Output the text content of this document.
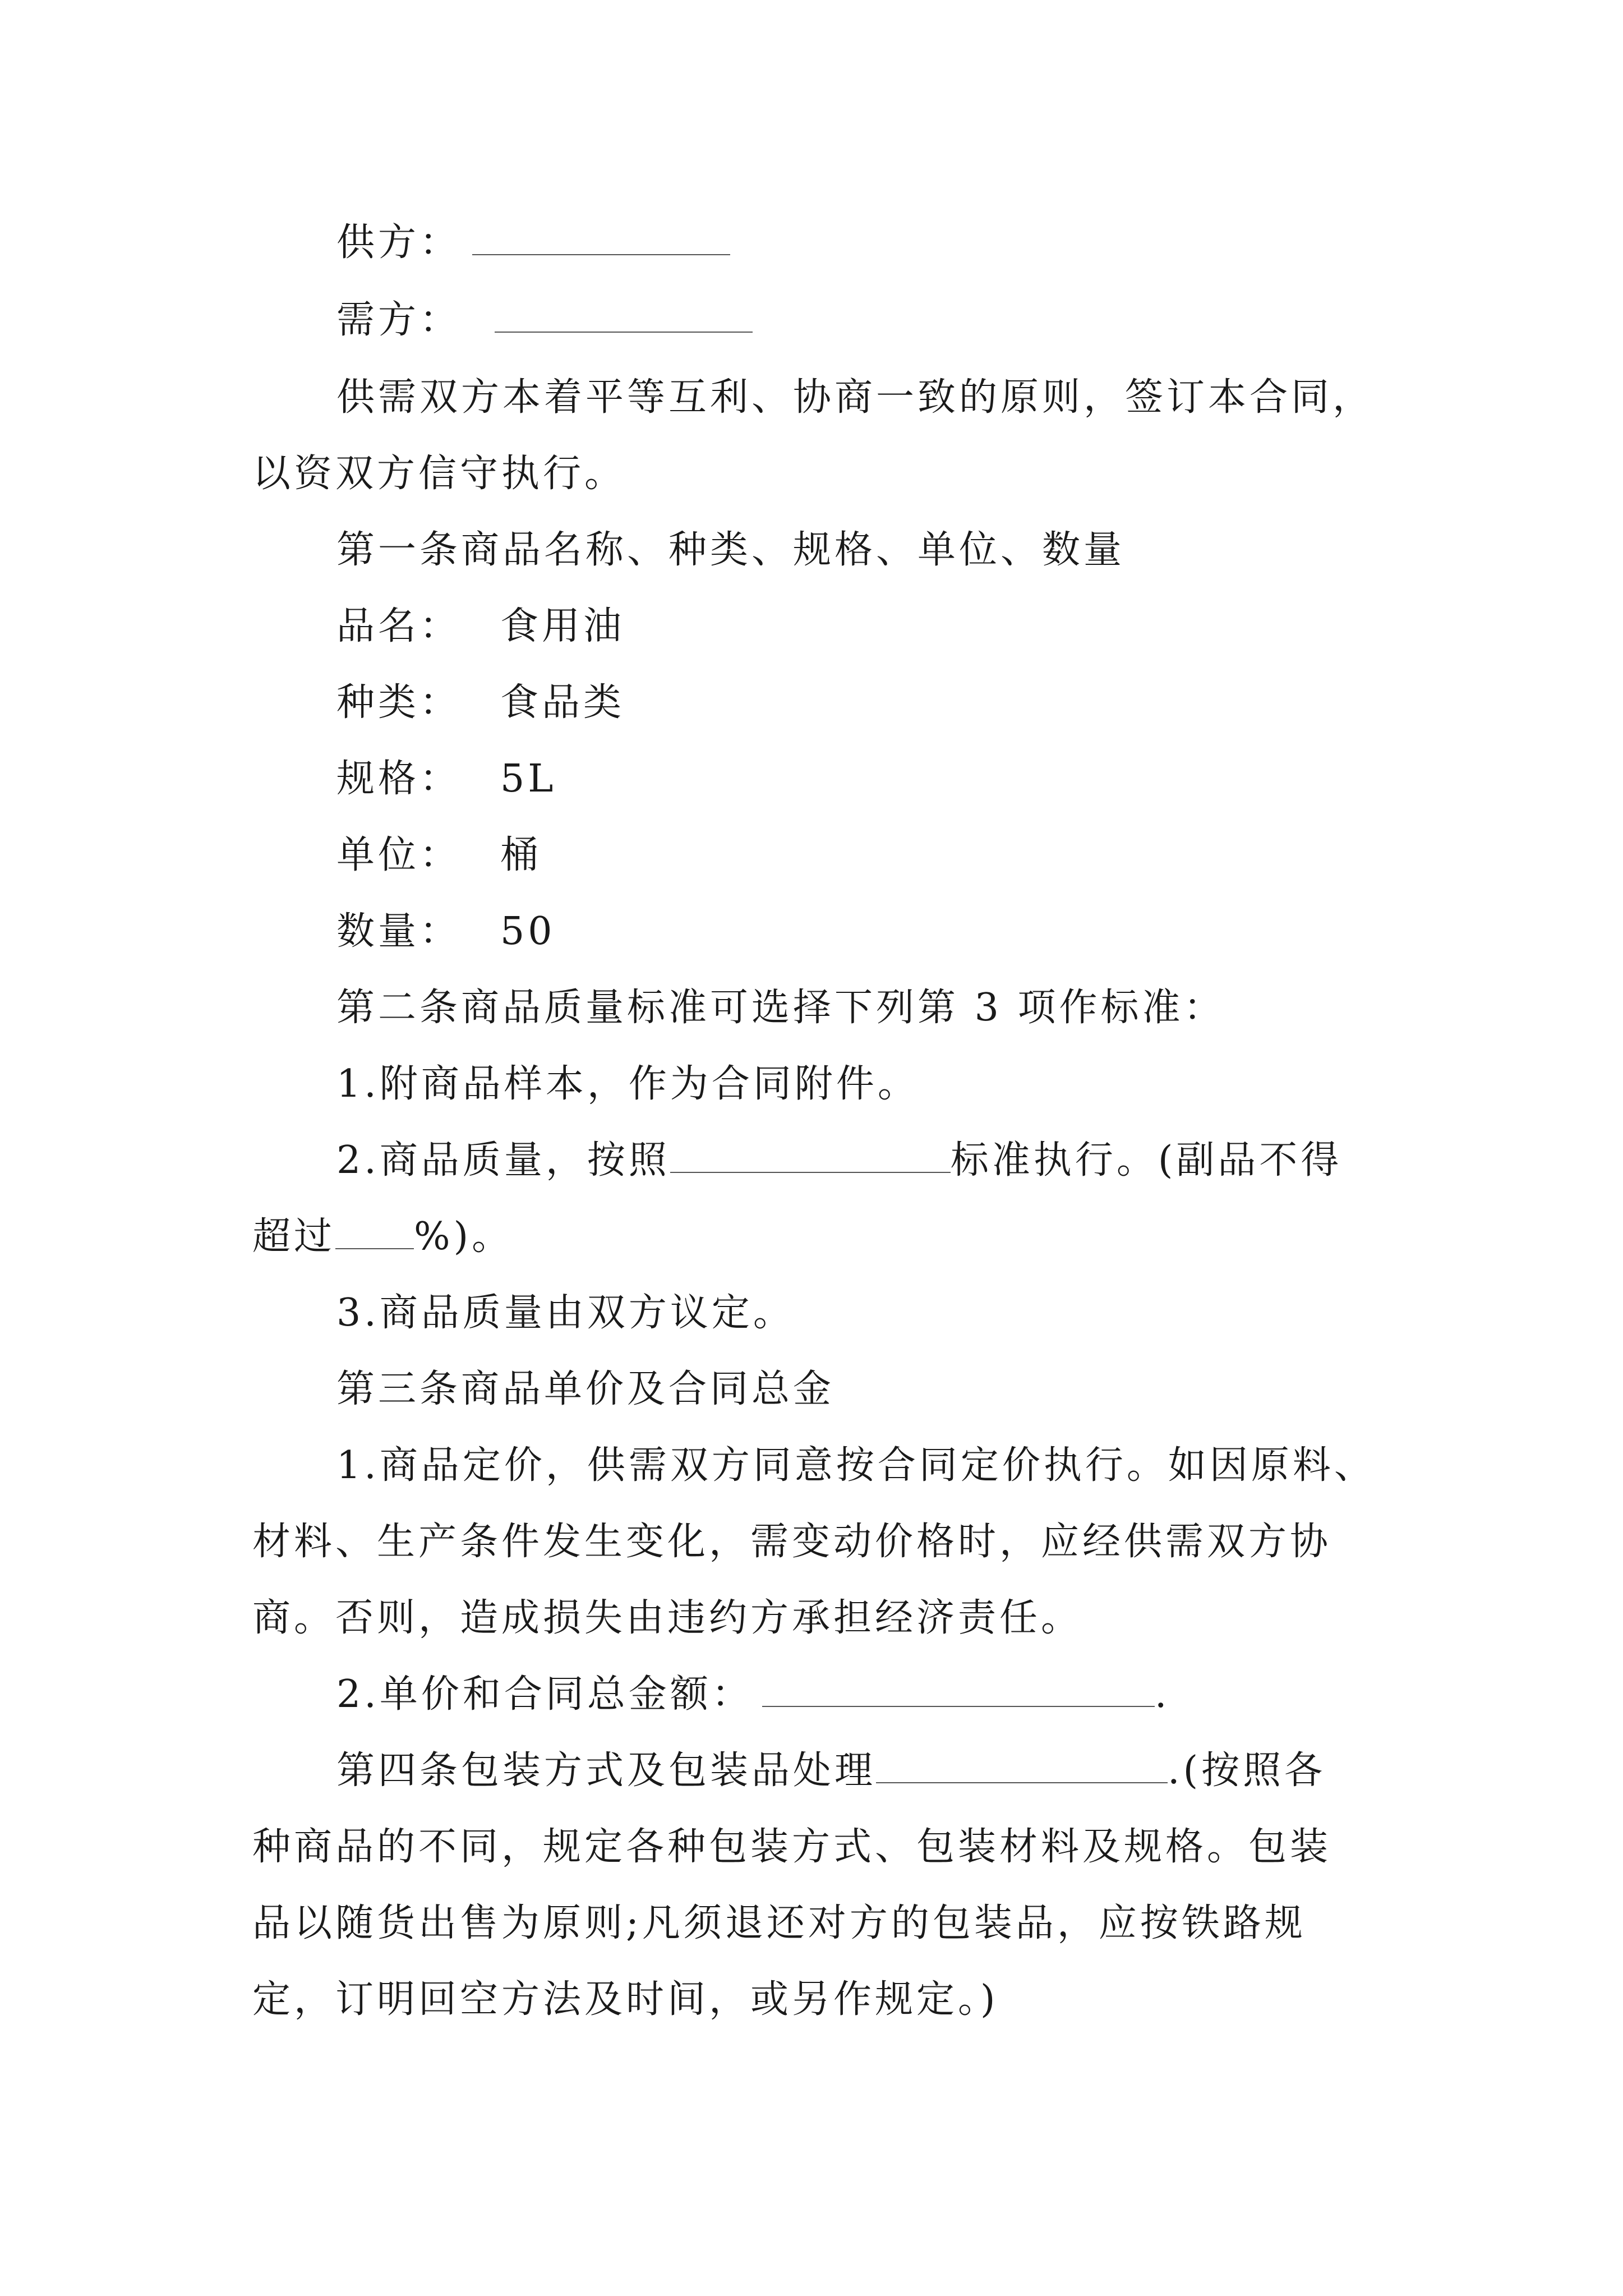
供方：
需方：
供需双方本着平等互利、协商一致的原则，签订本合同，
以资双方信守执行。
第一条商品名称、种类、规格、单位、数量
品名： 食用油
种类： 食品类
规格： 5L
单位： 桶
数量： 50
第二条商品质量标准可选择下列第 3 项作标准：
1.附商品样本，作为合同附件。
2.商品质量，按照	标准执行。(副品不得
超过 %)。
3.商品质量由双方议定。
第三条商品单价及合同总金
1.商品定价，供需双方同意按合同定价执行。如因原料、
材料、生产条件发生变化，需变动价格时，应经供需双方协
商。否则，造成损失由违约方承担经济责任。
2.单价和合同总金额：	.
第四条包装方式及包装品处理	.(按照各
种商品的不同，规定各种包装方式、包装材料及规格。包装
品以随货出售为原则;凡须退还对方的包装品，应按铁路规
定，订明回空方法及时间，或另作规定。)
